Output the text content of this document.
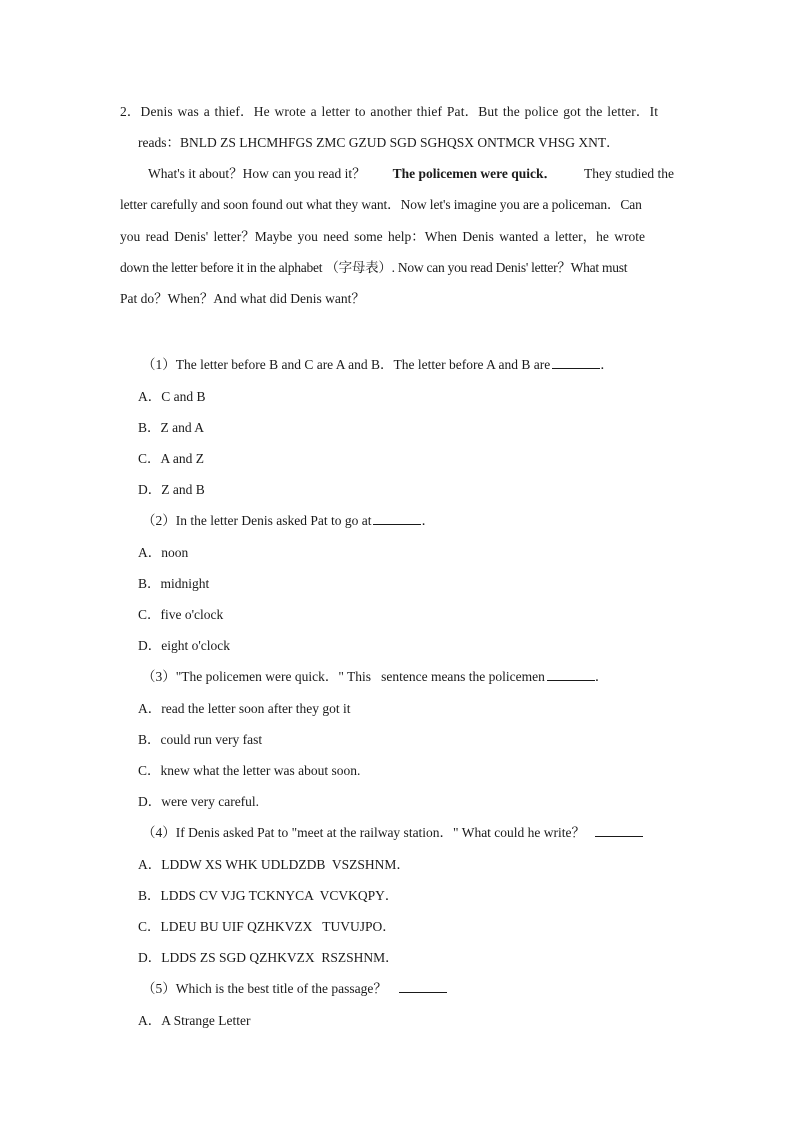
2．Denis was a thief．He wrote a letter to another thief Pat．But the police got the letter．It
reads：BNLD ZS LHCMHFGS ZMC GZUD SGD SGHQSX ONTMCR VHSG XNT．
What's it about？How can you read it？ The policemen were quick． They studied the
letter carefully and soon found out what they want．Now let's imagine you are a policeman．Can
you read Denis' letter？Maybe you need some help：When Denis wanted a letter，he wrote
down the letter before it in the alphabet （字母表）. Now can you read Denis' letter？What must
Pat do？When？And what did Denis want？
（1）The letter before B and C are A and B．The letter before A and B are	．
A．C and B
B．Z and A
C．A and Z
D．Z and B
（2）In the letter Denis asked Pat to go at	．
A．noon
B．midnight
C．five o'clock
D．eight o'clock
（3）"The policemen were quick．" This   sentence means the policemen	．
A．read the letter soon after they got it
B．could run very fast
C．knew what the letter was about soon.
D．were very careful.
（4）If Denis asked Pat to "meet at the railway station．" What could he write？
A．LDDW XS WHK UDLDZDB  VSZSHNM．
B．LDDS CV VJG TCKNYCA  VCVKQPY．
C．LDEU BU UIF QZHKVZX   TUVUJPO．
D．LDDS ZS SGD QZHKVZX  RSZSHNM．
（5）Which is the best title of the passage？
A．A Strange Letter
